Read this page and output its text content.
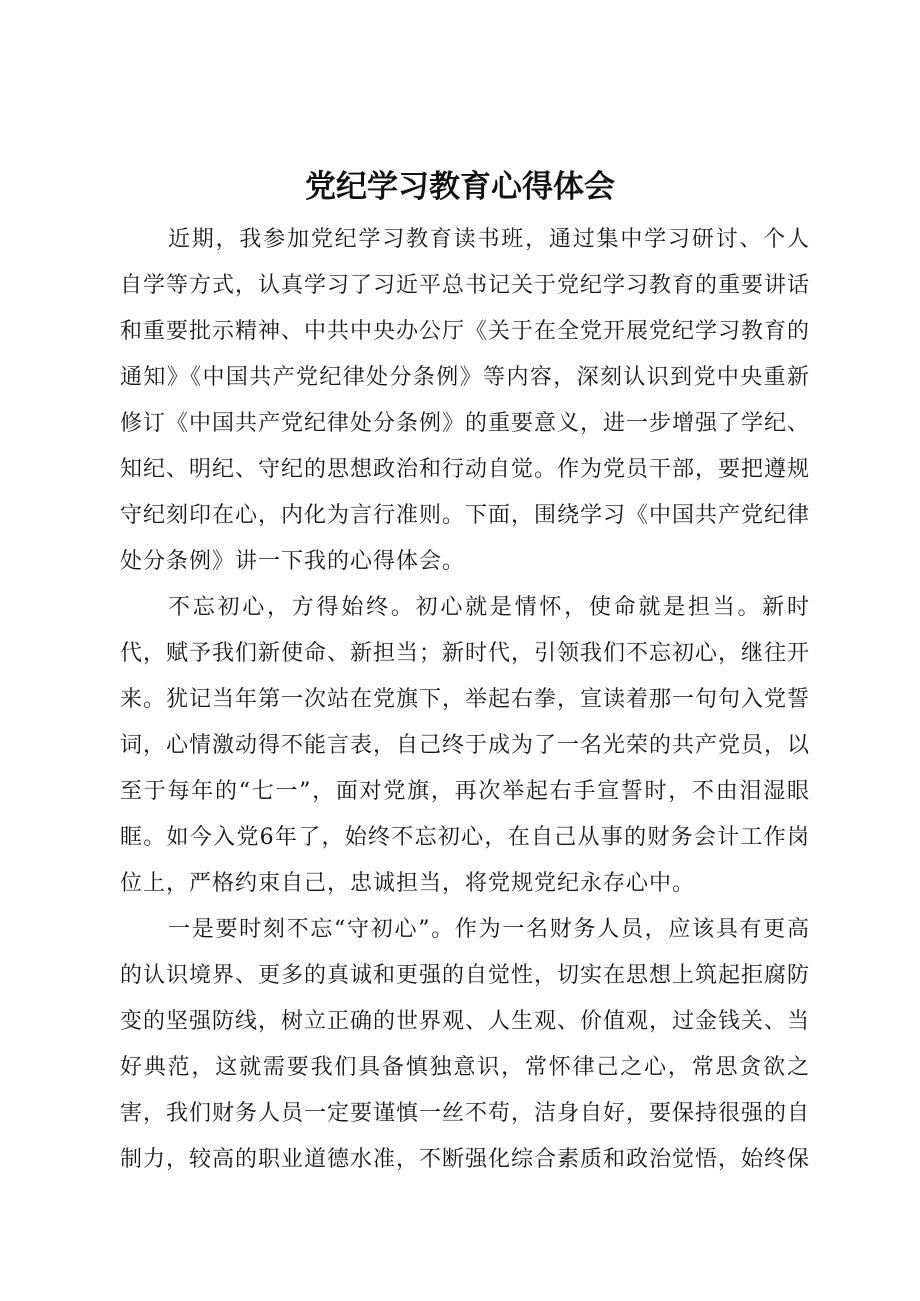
党纪学习教育心得体会

近期，我参加党纪学习教育读书班，通过集中学习研讨、个人自学等方式，认真学习了习近平总书记关于党纪学习教育的重要讲话和重要批示精神、中共中央办公厅《关于在全党开展党纪学习教育的通知》《中国共产党纪律处分条例》等内容，深刻认识到党中央重新修订《中国共产党纪律处分条例》的重要意义，进一步增强了学纪、知纪、明纪、守纪的思想政治和行动自觉。作为党员干部，要把遵规守纪刻印在心，内化为言行准则。下面，围绕学习《中国共产党纪律处分条例》讲一下我的心得体会。

不忘初心，方得始终。初心就是情怀，使命就是担当。新时代，赋予我们新使命、新担当；新时代，引领我们不忘初心，继往开来。犹记当年第一次站在党旗下，举起右拳，宣读着那一句句入党誓词，心情激动得不能言表，自己终于成为了一名光荣的共产党员，以至于每年的“七一”，面对党旗，再次举起右手宣誓时，不由泪湿眼眶。如今入党6年了，始终不忘初心，在自己从事的财务会计工作岗位上，严格约束自己，忠诚担当，将党规党纪永存心中。

一是要时刻不忘“守初心”。作为一名财务人员，应该具有更高的认识境界、更多的真诚和更强的自觉性，切实在思想上筑起拒腐防变的坚强防线，树立正确的世界观、人生观、价值观，过金钱关、当好典范，这就需要我们具备慎独意识，常怀律己之心，常思贪欲之害，我们财务人员一定要谨慎一丝不苟，洁身自好，要保持很强的自制力，较高的职业道德水准，不断强化综合素质和政治觉悟，始终保
